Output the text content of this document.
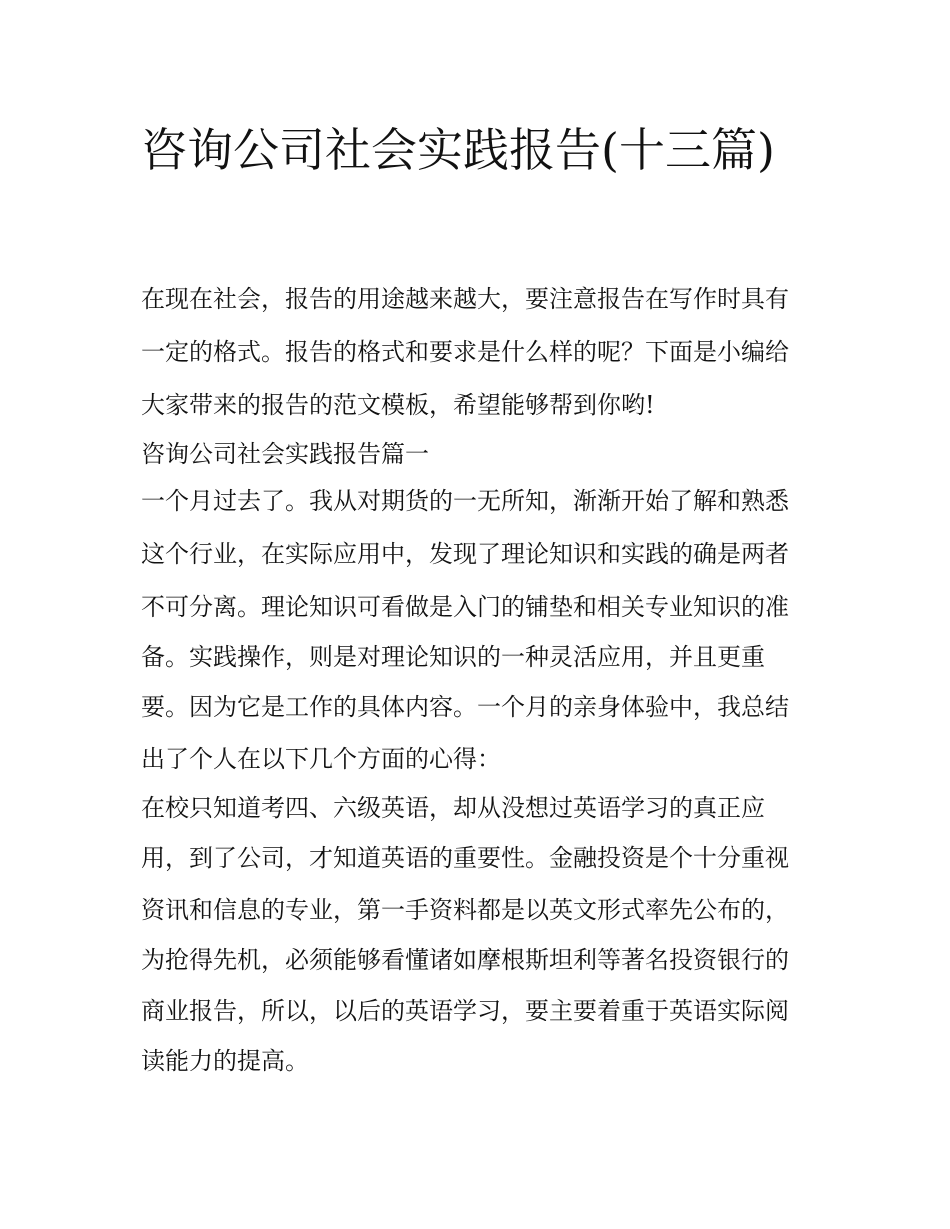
咨询公司社会实践报告(十三篇)

在现在社会，报告的用途越来越大，要注意报告在写作时具有

一定的格式。报告的格式和要求是什么样的呢？下面是小编给

大家带来的报告的范文模板，希望能够帮到你哟!

咨询公司社会实践报告篇一

一个月过去了。我从对期货的一无所知，渐渐开始了解和熟悉

这个行业，在实际应用中，发现了理论知识和实践的确是两者

不可分离。理论知识可看做是入门的铺垫和相关专业知识的准

备。实践操作，则是对理论知识的一种灵活应用，并且更重

要。因为它是工作的具体内容。一个月的亲身体验中，我总结

出了个人在以下几个方面的心得：

在校只知道考四、六级英语，却从没想过英语学习的真正应

用，到了公司，才知道英语的重要性。金融投资是个十分重视

资讯和信息的专业，第一手资料都是以英文形式率先公布的，

为抢得先机，必须能够看懂诸如摩根斯坦利等著名投资银行的

商业报告，所以，以后的英语学习，要主要着重于英语实际阅

读能力的提高。
